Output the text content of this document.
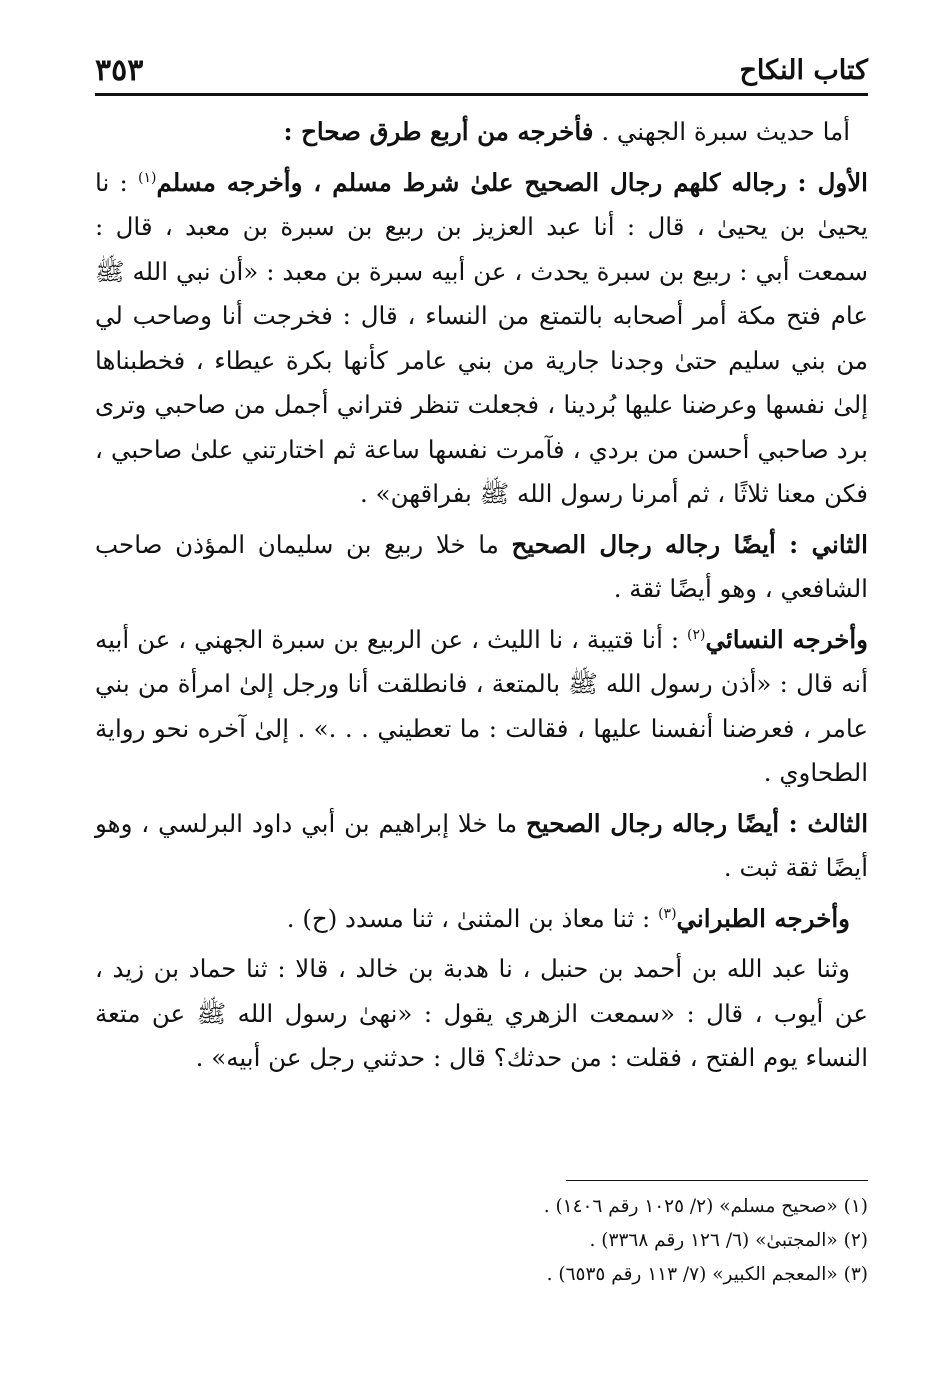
كتاب النكاح
٣٥٣

أما حديث سبرة الجهني . فأخرجه من أربع طرق صحاح :

الأول : رجاله كلهم رجال الصحيح علىٰ شرط مسلم ، وأخرجه مسلم$^{(١)}$ : نا يحيىٰ بن يحيىٰ ، قال : أنا عبد العزيز بن ربيع بن سبرة بن معبد ، قال : سمعت أبي : ربيع بن سبرة يحدث ، عن أبيه سبرة بن معبد : «أن نبي الله ﷺ عام فتح مكة أمر أصحابه بالتمتع من النساء ، قال : فخرجت أنا وصاحب لي من بني سليم حتىٰ وجدنا جارية من بني عامر كأنها بكرة عيطاء ، فخطبناها إلىٰ نفسها وعرضنا عليها بُردينا ، فجعلت تنظر فتراني أجمل من صاحبي وترى برد صاحبي أحسن من بردي ، فآمرت نفسها ساعة ثم اختارتني علىٰ صاحبي ، فكن معنا ثلاثًا ، ثم أمرنا رسول الله ﷺ بفراقهن» .

الثاني : أيضًا رجاله رجال الصحيح ما خلا ربيع بن سليمان المؤذن صاحب الشافعي ، وهو أيضًا ثقة .

وأخرجه النسائي$^{(٢)}$ : أنا قتيبة ، نا الليث ، عن الربيع بن سبرة الجهني ، عن أبيه أنه قال : «أذن رسول الله ﷺ بالمتعة ، فانطلقت أنا ورجل إلىٰ امرأة من بني عامر ، فعرضنا أنفسنا عليها ، فقالت : ما تعطيني . . .» . إلىٰ آخره نحو رواية الطحاوي .

الثالث : أيضًا رجاله رجال الصحيح ما خلا إبراهيم بن أبي داود البرلسي ، وهو أيضًا ثقة ثبت .

وأخرجه الطبراني$^{(٣)}$ : ثنا معاذ بن المثنىٰ ، ثنا مسدد (ح) .

وثنا عبد الله بن أحمد بن حنبل ، نا هدبة بن خالد ، قالا : ثنا حماد بن زيد ، عن أيوب ، قال : «سمعت الزهري يقول : «نهىٰ رسول الله ﷺ عن متعة النساء يوم الفتح ، فقلت : من حدثك؟ قال : حدثني رجل عن أبيه» .

(١) «صحيح مسلم» (٢/ ١٠٢٥ رقم ١٤٠٦) .
(٢) «المجتبىٰ» (٦/ ١٢٦ رقم ٣٣٦٨) .
(٣) «المعجم الكبير» (٧/ ١١٣ رقم ٦٥٣٥) .
